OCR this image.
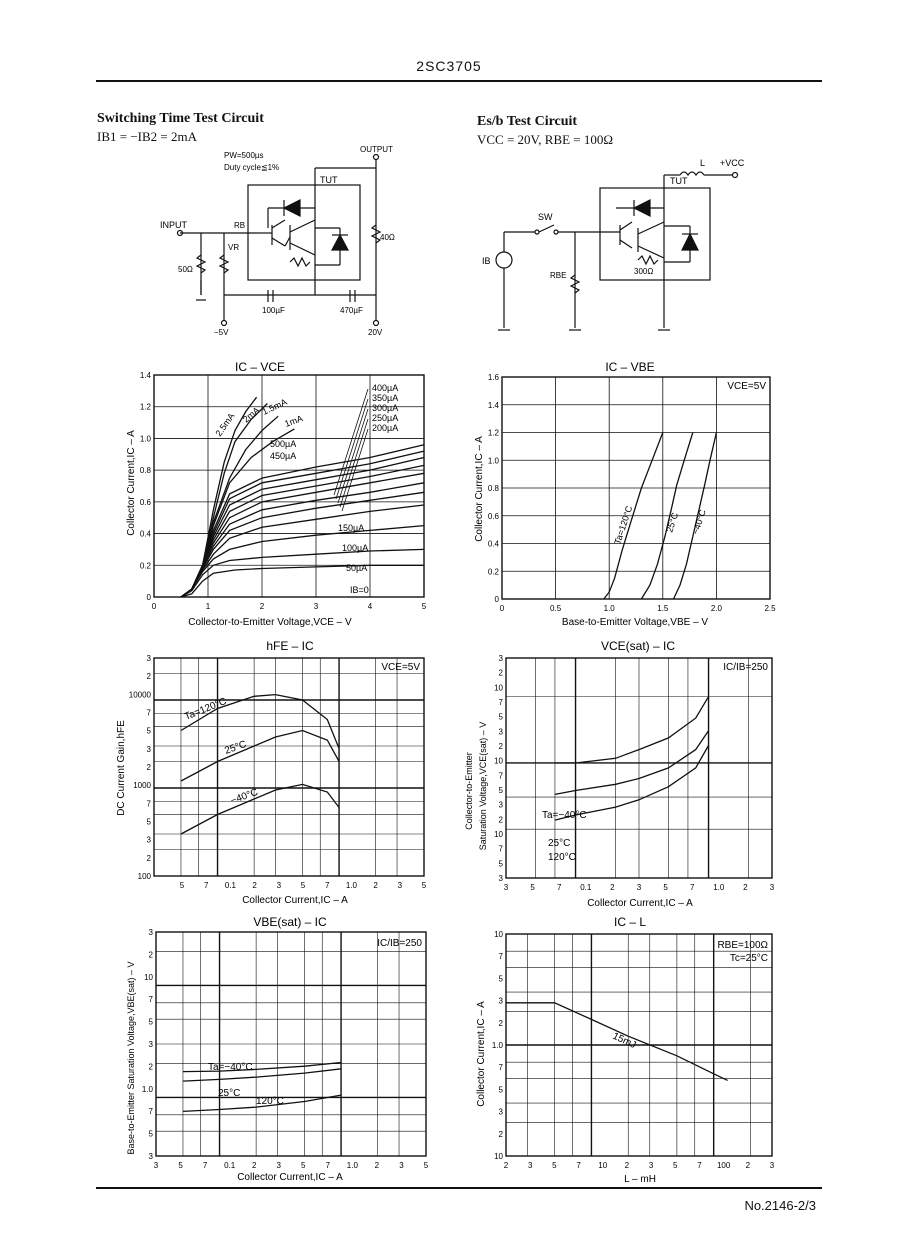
2SC3705
Switching Time Test Circuit
IB1 = −IB2 = 2mA
Es/b Test Circuit
VCC = 20V, RBE = 100Ω
INPUT
OUTPUT
PW=500µs
Duty cycle≦1%
TUT
RB
VR
50Ω
40Ω
100µF	470µF
−5V	20V
L +VCC
TUT
SW
IB
RBE	300Ω
IC – VCE
0	1	2	3	4	5
0
0.2
0.4
0.6
0.8
1.0
1.2
1.4
2.5mA 2mA 1.5mA
1mA
500µA
450µA
400µA
350µA
300µA
250µA
200µA
150µA
100µA
50µA
IB=0
Collector-to-Emitter Voltage,VCE – V
Collector Current,IC – A
IC – VBE
0	0.5	1.0	1.5	2.0	2.5
0
0.2
0.4
0.6
0.8
1.0
1.2
1.4
1.6
VCE=5V
Ta=120°C	25°C −40°C
Base-to-Emitter Voltage,VBE – V
Collector Current,IC – A
hFE – IC
5 7 0.1 2 3 5 7 1.0 2 3 5
100
2
3
5
7
1000
2
3
5
7
10000
2
3
VCE=5V
Ta=120°C
25°C
−40°C
Collector Current,IC – A
DC Current Gain,hFE
VCE(sat) – IC
3	5	7 0.1 2	3	5	7 1.0 2	3
3
5
7
10
2
3
5
7
10
2
3
5
7
10
2
3
IC/IB=250
Ta=−40°C
25°C
120°C
Collector Current,IC – A
Collector-to-Emitter Saturation Voltage,VCE(sat) – V
VBE(sat) – IC
3	5	7 0.1 2	3	5	7 1.0 2	3	5
3
5
7
1.0
2
3
5
7
10
2
3
IC/IB=250
Ta=−40°C
25°C
120°C
Collector Current,IC – A
Base-to-Emitter Saturation Voltage,VBE(sat) – V
IC – L
2 3 5 7 10 2 3 5 7 100 2 3
10
2
3
5
7
1.0
2
3
5
7
10
RBE=100Ω
Tc=25°C
15mJ
L – mH
Collector Current,IC – A
No.2146-2/3
